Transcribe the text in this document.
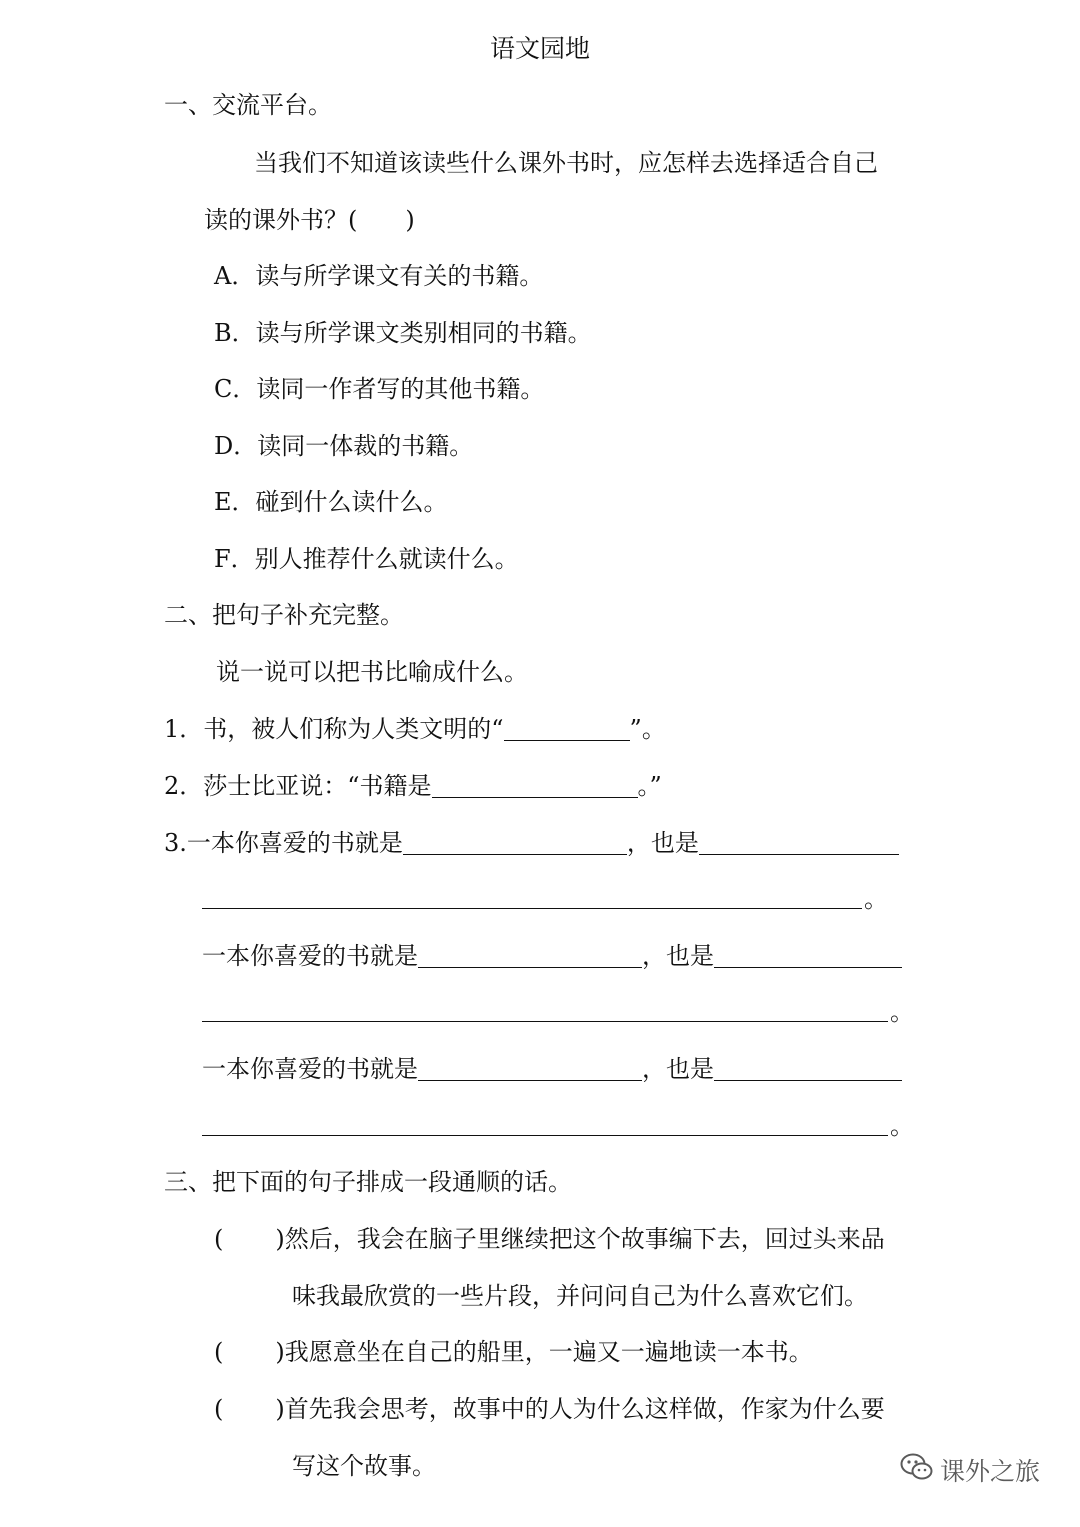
语文园地
一、交流平台。
当我们不知道该读些什么课外书时，应怎样去选择适合自己
读的课外书？(　　)
A．读与所学课文有关的书籍。
B．读与所学课文类别相同的书籍。
C．读同一作者写的其他书籍。
D．读同一体裁的书籍。
E．碰到什么读什么。
F．别人推荐什么就读什么。
二、把句子补充完整。
说一说可以把书比喻成什么。
1．书，被人们称为人类文明的“	”。
2．莎士比亚说：“书籍是	。”
3.一本你喜爱的书就是	，也是
。
一本你喜爱的书就是	，也是
。
一本你喜爱的书就是	，也是
。
三、把下面的句子排成一段通顺的话。
( )然后，我会在脑子里继续把这个故事编下去，回过头来品
味我最欣赏的一些片段，并问问自己为什么喜欢它们。
( )我愿意坐在自己的船里，一遍又一遍地读一本书。
( )首先我会思考，故事中的人为什么这样做，作家为什么要
写这个故事。	课外之旅
